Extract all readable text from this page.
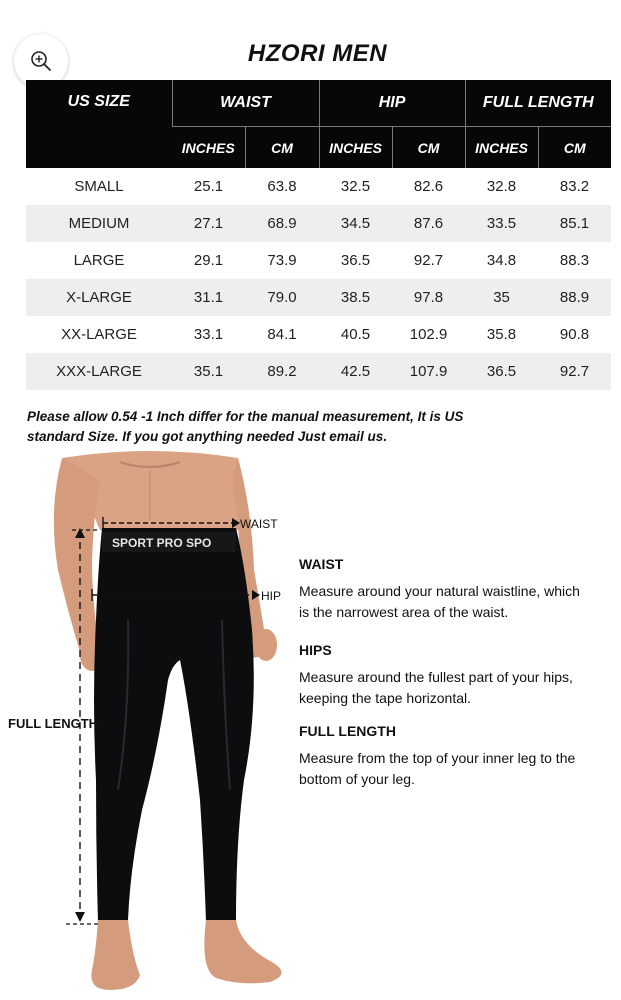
HZORI MEN
US SIZE	WAIST		HIP		FULL LENGTH	
	INCHES	CM	INCHES	CM	INCHES	CM
SMALL	25.1	63.8	32.5	82.6	32.8	83.2
MEDIUM	27.1	68.9	34.5	87.6	33.5	85.1
LARGE	29.1	73.9	36.5	92.7	34.8	88.3
X-LARGE	31.1	79.0	38.5	97.8	35	88.9
XX-LARGE	33.1	84.1	40.5	102.9	35.8	90.8
XXX-LARGE	35.1	89.2	42.5	107.9	36.5	92.7
Please allow 0.54 -1 Inch differ for the manual measurement, It is US
standard Size. If you got anything needed Just email us.
SPORT PRO SPO
WAIST
HIP
FULL LENGTH
WAIST

Measure around your natural waistline, which

is the narrowest area of the waist.

HIPS

Measure around the fullest part of your hips,

keeping the tape horizontal.

FULL LENGTH

Measure from the top of your inner leg to the

bottom of your leg.
